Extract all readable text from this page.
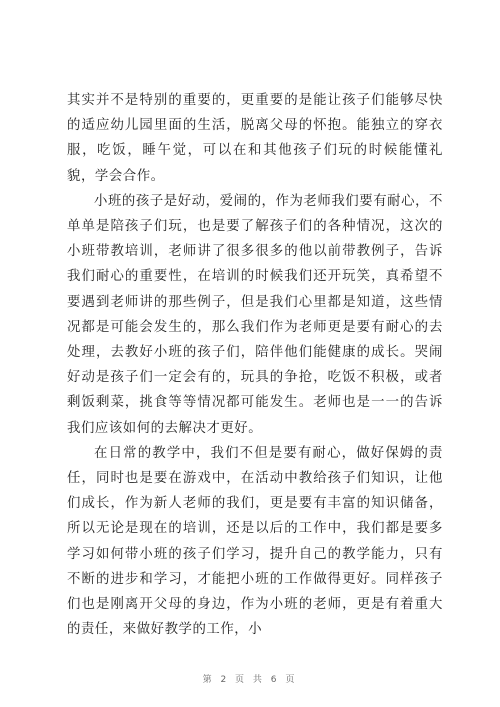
其实并不是特别的重要的，更重要的是能让孩子们能够尽快的适应幼儿园里面的生活，脱离父母的怀抱。能独立的穿衣服，吃饭，睡午觉，可以在和其他孩子们玩的时候能懂礼貌，学会合作。

小班的孩子是好动，爱闹的，作为老师我们要有耐心，不单单是陪孩子们玩，也是要了解孩子们的各种情况，这次的小班带教培训，老师讲了很多很多的他以前带教例子，告诉我们耐心的重要性，在培训的时候我们还开玩笑，真希望不要遇到老师讲的那些例子，但是我们心里都是知道，这些情况都是可能会发生的，那么我们作为老师更是要有耐心的去处理，去教好小班的孩子们，陪伴他们能健康的成长。哭闹好动是孩子们一定会有的，玩具的争抢，吃饭不积极，或者剩饭剩菜，挑食等等情况都可能发生。老师也是一一的告诉我们应该如何的去解决才更好。

在日常的教学中，我们不但是要有耐心，做好保姆的责任，同时也是要在游戏中，在活动中教给孩子们知识，让他们成长，作为新人老师的我们，更是要有丰富的知识储备，所以无论是现在的培训，还是以后的工作中，我们都是要多学习如何带小班的孩子们学习，提升自己的教学能力，只有不断的进步和学习，才能把小班的工作做得更好。同样孩子们也是刚离开父母的身边，作为小班的老师，更是有着重大的责任，来做好教学的工作，小

第 2 页 共 6 页
